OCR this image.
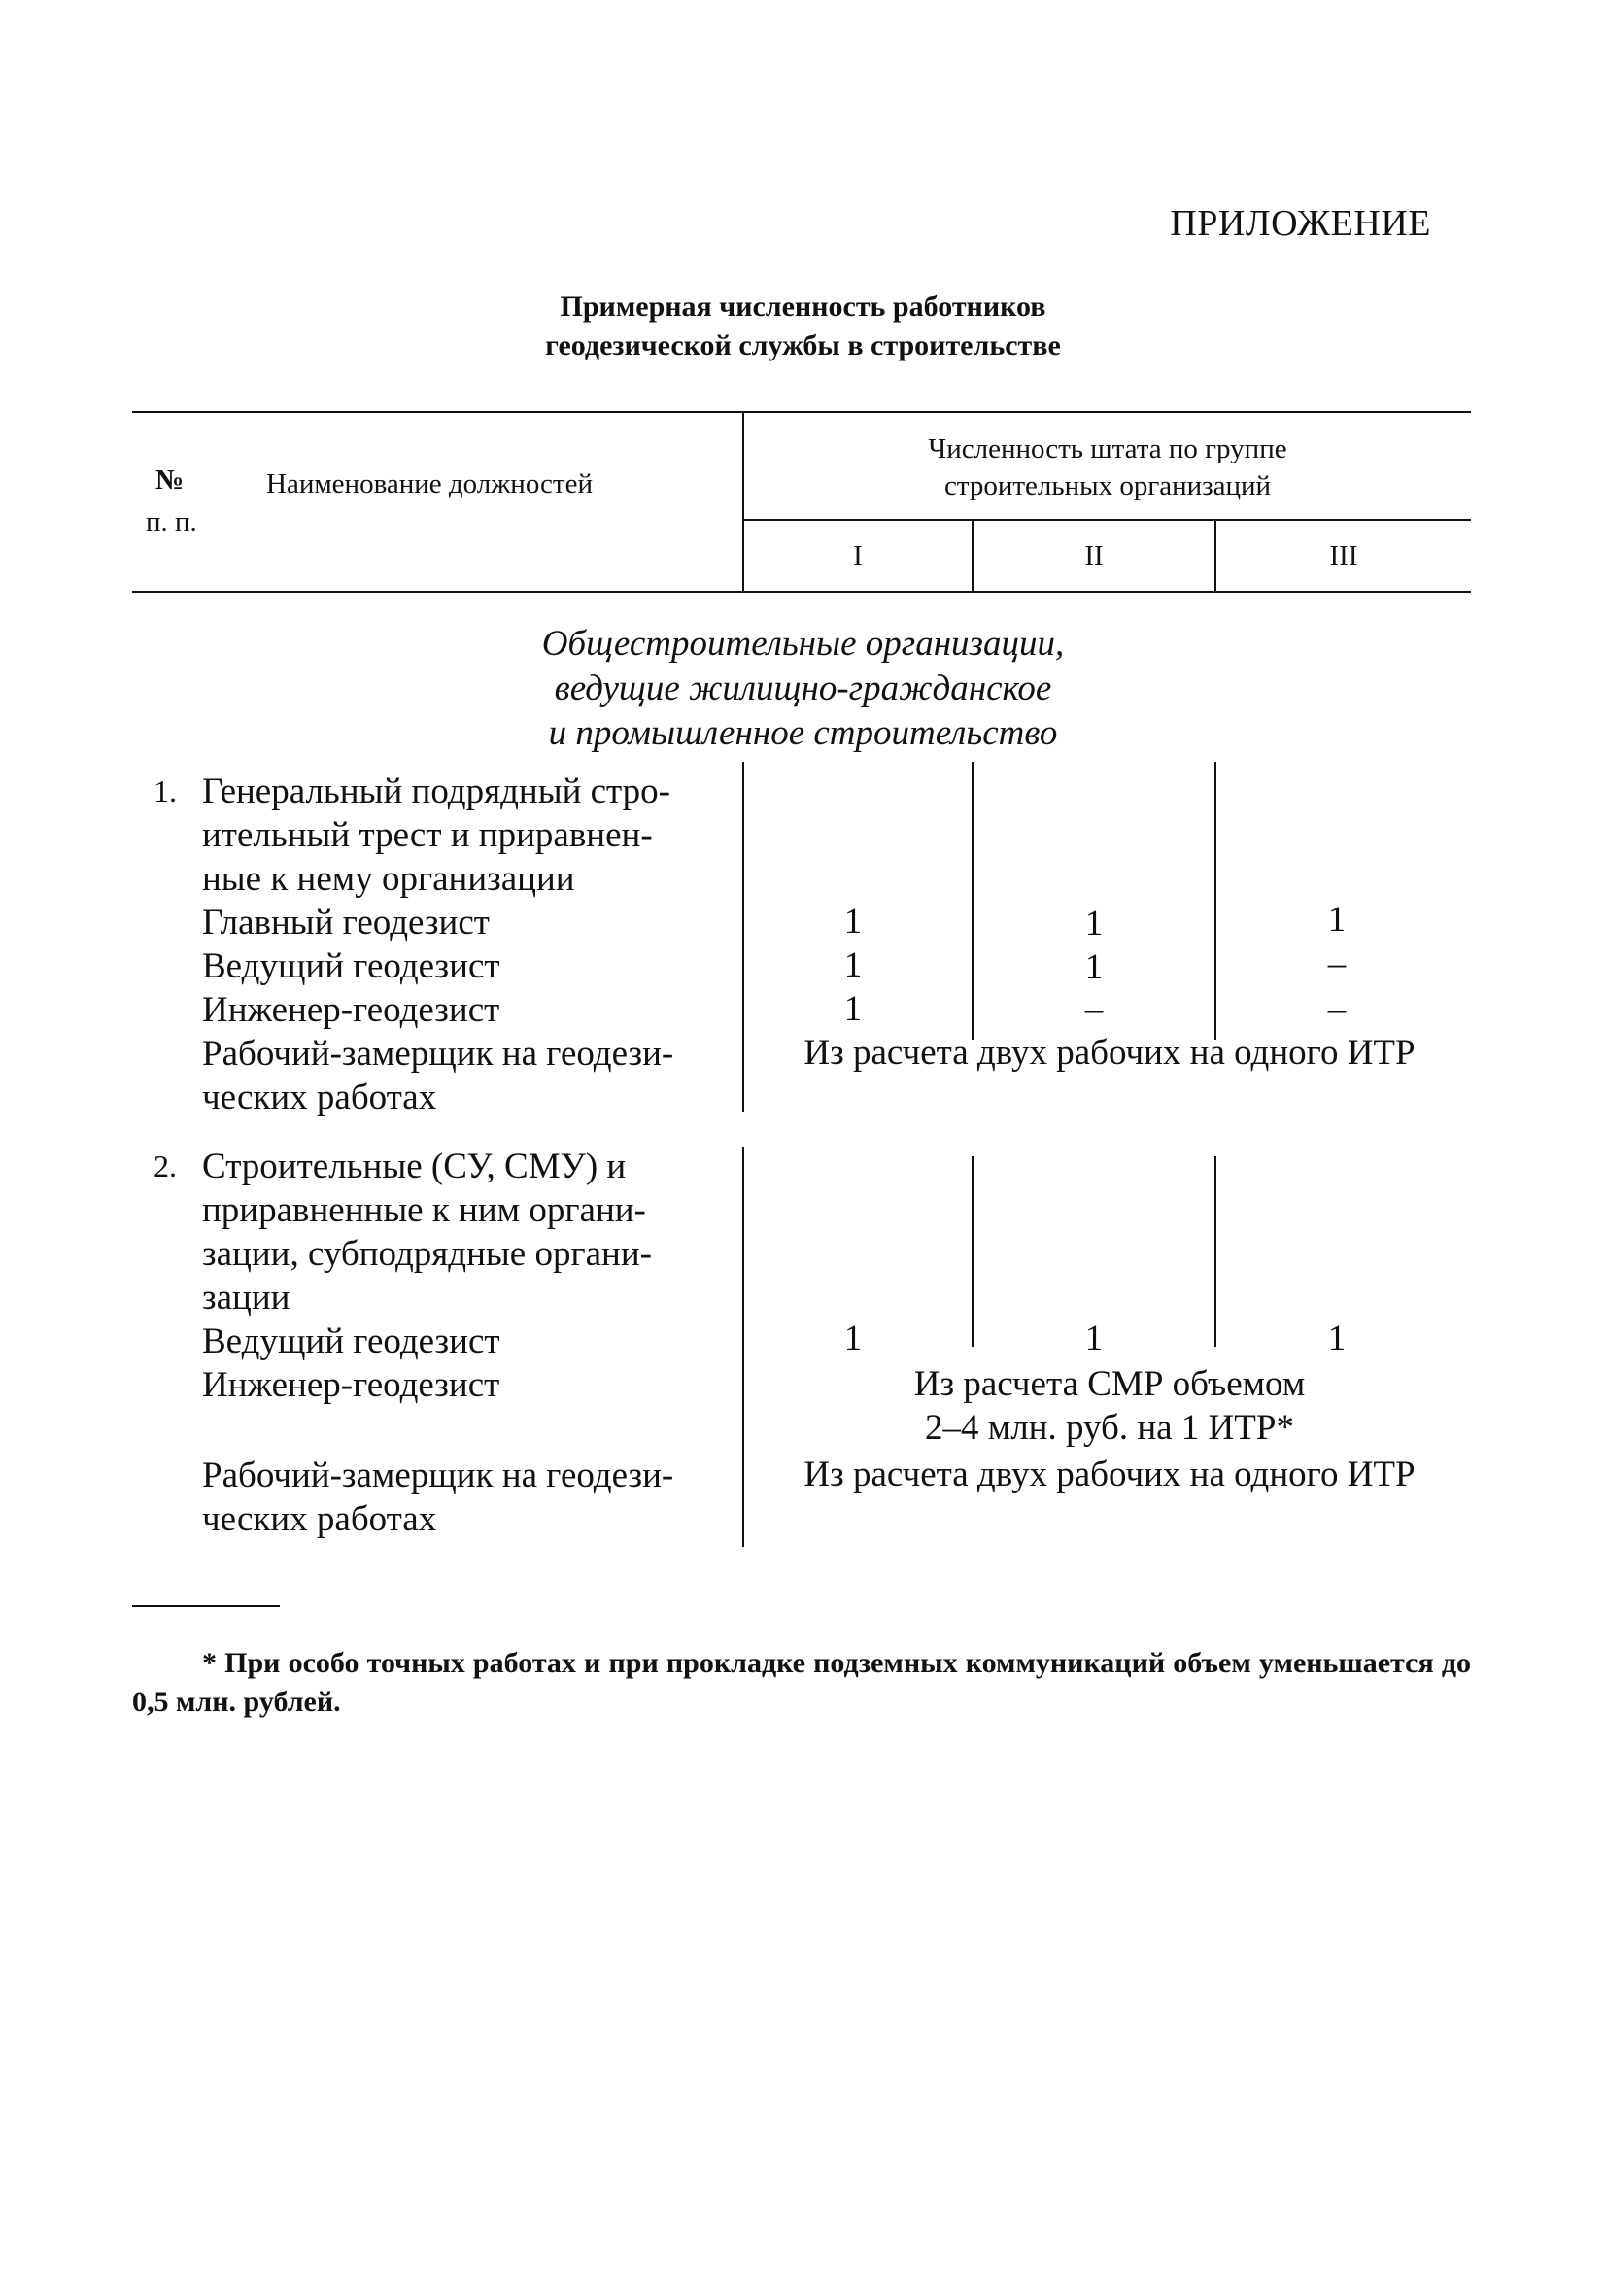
ПРИЛОЖЕНИЕ
Примерная численность работников
геодезической службы в строительстве
№
п. п.
Наименование должностей
Численность штата по группе
строительных организаций
I	II	III
Общестроительные организации,
ведущие жилищно-гражданское
и промышленное строительство
1. Генеральный подрядный стро-
ительный трест и приравнен-
ные к нему организации
Главный геодезист	1	1	1
Ведущий геодезист	1	1	–
Инженер-геодезист	1	–	–
Рабочий-замерщик на геодези-
ческих работах
Из расчета двух рабочих на одного ИТР
2. Строительные (СУ, СМУ) и
приравненные к ним органи-
зации, субподрядные органи-
зации
Ведущий геодезист	1	1	1
Инженер-геодезист	Из расчета СМР объемом
2–4 млн. руб. на 1 ИТР*
Рабочий-замерщик на геодези-
ческих работах
Из расчета двух рабочих на одного ИТР
* При особо точных работах и при прокладке подземных коммуникаций объем уменьшается до 0,5 млн. рублей.
